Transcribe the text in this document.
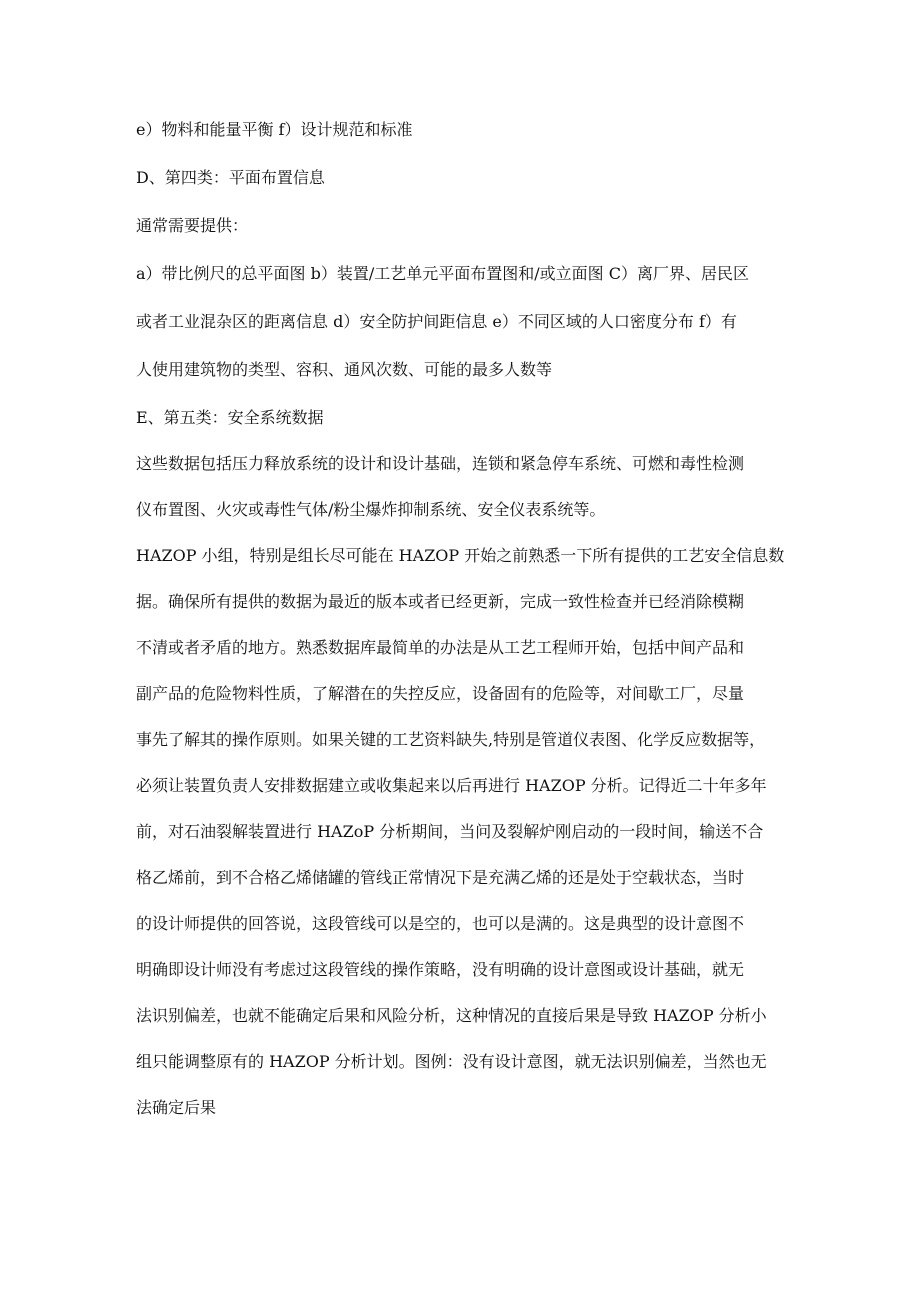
e）物料和能量平衡 f）设计规范和标准

D、第四类：平面布置信息

通常需要提供：

a）带比例尺的总平面图 b）装置/工艺单元平面布置图和/或立面图 C）离厂界、居民区

或者工业混杂区的距离信息 d）安全防护间距信息 e）不同区域的人口密度分布 f）有

人使用建筑物的类型、容积、通风次数、可能的最多人数等

E、第五类：安全系统数据

这些数据包括压力释放系统的设计和设计基础，连锁和紧急停车系统、可燃和毒性检测

仪布置图、火灾或毒性气体/粉尘爆炸抑制系统、安全仪表系统等。

HAZOP 小组，特别是组长尽可能在 HAZOP 开始之前熟悉一下所有提供的工艺安全信息数

据。确保所有提供的数据为最近的版本或者已经更新，完成一致性检查并已经消除模糊

不清或者矛盾的地方。熟悉数据库最简单的办法是从工艺工程师开始，包括中间产品和

副产品的危险物料性质，了解潜在的失控反应，设备固有的危险等，对间歇工厂，尽量

事先了解其的操作原则。如果关键的工艺资料缺失,特别是管道仪表图、化学反应数据等，

必须让装置负责人安排数据建立或收集起来以后再进行 HAZOP 分析。记得近二十年多年

前，对石油裂解装置进行 HAZoP 分析期间，当问及裂解炉刚启动的一段时间，输送不合

格乙烯前，到不合格乙烯储罐的管线正常情况下是充满乙烯的还是处于空载状态，当时

的设计师提供的回答说，这段管线可以是空的，也可以是满的。这是典型的设计意图不

明确即设计师没有考虑过这段管线的操作策略，没有明确的设计意图或设计基础，就无

法识别偏差，也就不能确定后果和风险分析，这种情况的直接后果是导致 HAZOP 分析小

组只能调整原有的 HAZOP 分析计划。图例：没有设计意图，就无法识别偏差，当然也无

法确定后果
